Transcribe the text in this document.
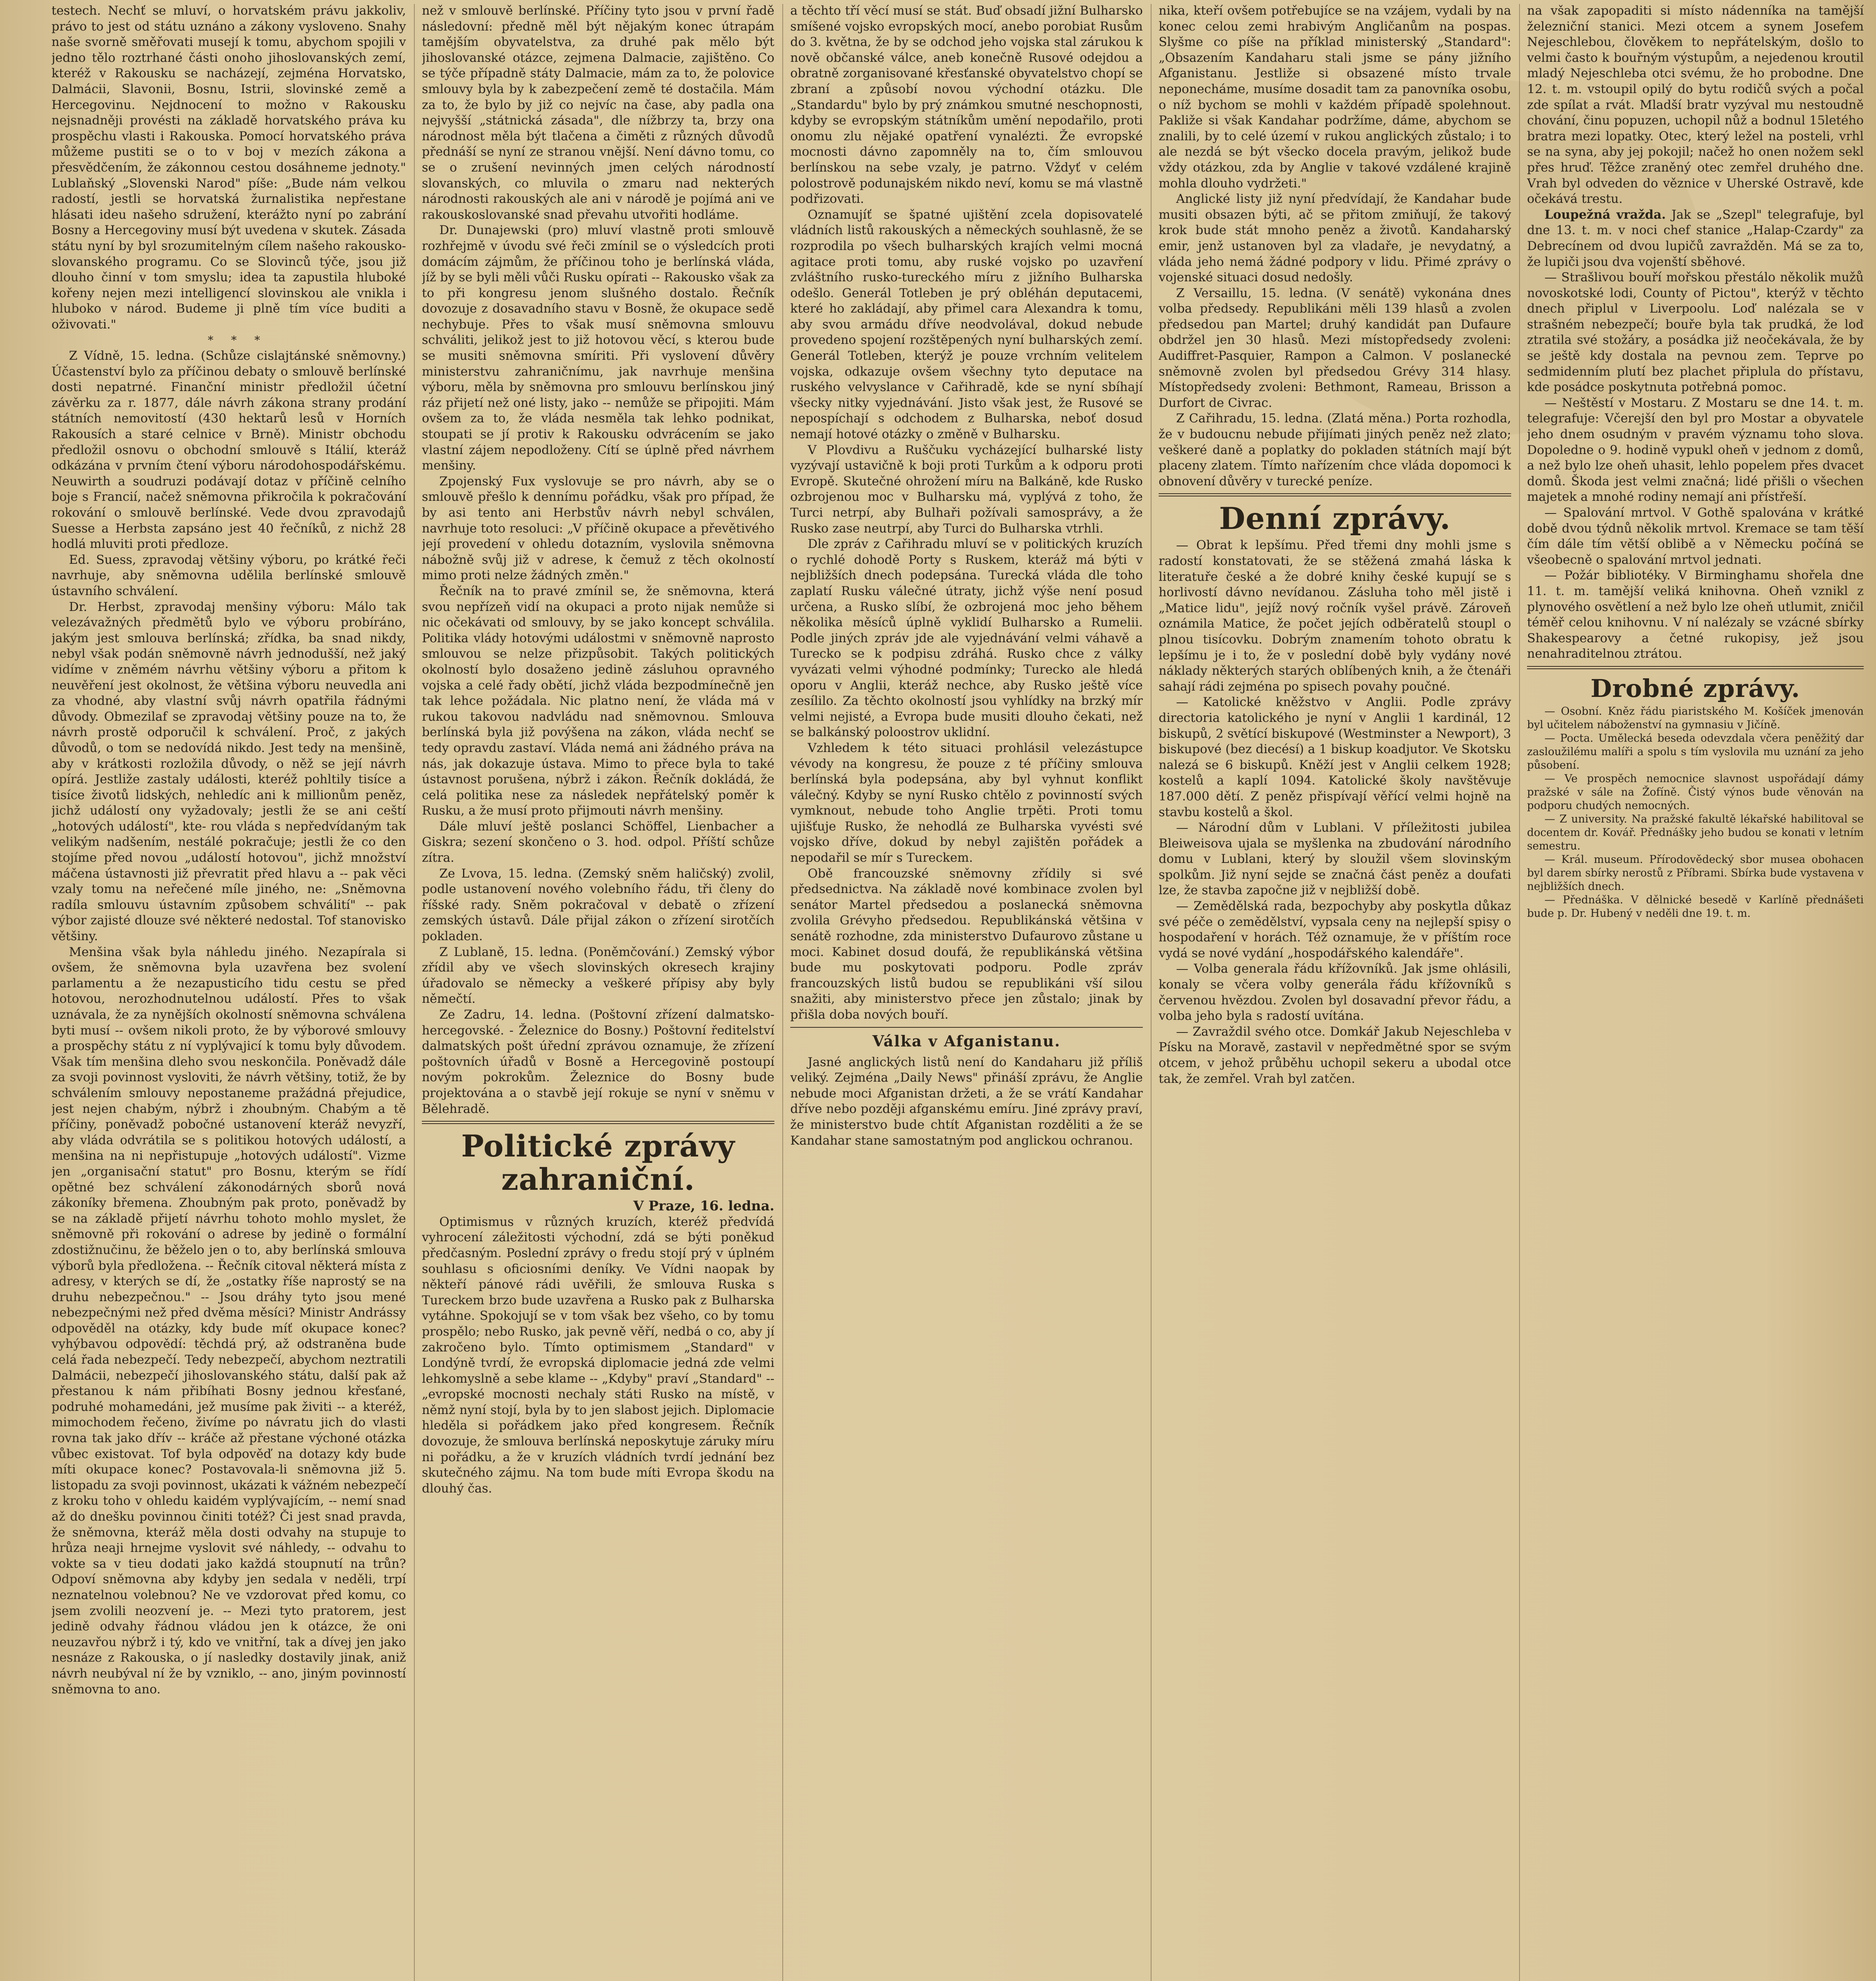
testech. Nechť se mluví, o horvatském právu jakkoliv, právo to jest od státu uznáno a zákony vysloveno. Snahy naše svorně směřovati musejí k tomu, abychom spojili v jedno tělo roztrhané části onoho jihoslovanských zemí, kteréž v Rakousku se nacházejí, zejména Horvatsko, Dalmácii, Slavonii, Bosnu, Istrii, slovinské země a Hercegovinu. Nejdnocení to možno v Rakousku nejsnadněji provésti na základě horvatského práva ku prospěchu vlasti i Rakouska. Pomocí horvatského práva můžeme pustiti se o to v boj v mezích zákona a přesvědčením, že zákonnou cestou dosáhneme jednoty." Lublaňský „Slovenski Narod" píše: „Bude nám velkou radostí, jestli se horvatská žurnalistika nepřestane hlásati ideu našeho sdružení, kterážto nyní po zabrání Bosny a Hercegoviny musí být uvedena v skutek. Zásada státu nyní by byl srozumitelným cílem našeho rakousko-slovanského programu. Co se Slovinců týče, jsou již dlouho činní v tom smyslu; idea ta zapustila hluboké kořeny nejen mezi intelligencí slovinskou ale vnikla i hluboko v národ. Budeme ji plně tím více buditi a oživovati."

* * *

Z Vídně, 15. ledna. (Schůze cislajtánské sněmovny.) Účastenství bylo za příčinou debaty o smlouvě berlínské dosti nepatrné. Finanční ministr předložil účetní závěrku za r. 1877, dále návrh zákona strany prodání státních nemovitostí (430 hektarů lesů v Horních Rakousích a staré celnice v Brně). Ministr obchodu předložil osnovu o obchodní smlouvě s Itálií, kteráž odkázána v prvním čtení výboru národohospodářskému. Neuwirth a soudruzi podávají dotaz v příčině celního boje s Francií, načež sněmovna přikročila k pokračování rokování o smlouvě berlínské. Vede dvou zpravodajů Suesse a Herbsta zapsáno jest 40 řečníků, z nichž 28 hodlá mluviti proti předloze.

Ed. Suess, zpravodaj většiny výboru, po krátké řeči navrhuje, aby sněmovna udělila berlínské smlouvě ústavního schválení.

Dr. Herbst, zpravodaj menšiny výboru: Málo tak velezávažných předmětů bylo ve výboru probíráno, jakým jest smlouva berlínská; zřídka, ba snad nikdy, nebyl však podán sněmovně návrh jednodušší, než jaký vidíme v zněmém návrhu většiny výboru a přitom k neuvěření jest okolnost, že většina výboru neuvedla ani za vhodné, aby vlastní svůj návrh opatřila řádnými důvody. Obmezilaf se zpravodaj většiny pouze na to, že návrh prostě odporučil k schválení. Proč, z jakých důvodů, o tom se nedovídá nikdo. Jest tedy na menšině, aby v krátkosti rozložila důvody, o něž se její návrh opírá. Jestliže zastaly události, kteréž pohltily tisíce a tisíce životů lidských, nehledíc ani k millionům peněz, jichž událostí ony vyžadovaly; jestli že se ani ceští „hotových událostí", kte- rou vláda s nepředvídaným tak velikým nadšením, nestálé pokračuje; jestli že co den stojíme před novou „událostí hotovou", jichž množství máčena ústavnosti již převratit před hlavu a -- pak věci vzaly tomu na neřečené míle jiného, ne: „Sněmovna radíla smlouvu ústavním způsobem schválití" -- pak výbor zajisté dlouze své některé nedostal. Tof stanovisko většiny.

Menšina však byla náhledu jiného. Nezapírala si ovšem, že sněmovna byla uzavřena bez svolení parlamentu a že nezapusticího tidu cestu se před hotovou, nerozhodnutelnou událostí. Přes to však uznávala, že za nynějších okolností sněmovna schválena byti musí -- ovšem nikoli proto, že by výborové smlouvy a prospěchy státu z ní vyplývajicí k tomu byly důvodem. Však tím menšina dleho svou neskončila. Poněvadž dále za svoji povinnost vysloviti, že návrh většiny, totiž, že by schválením smlouvy nepostaneme pražádná přejudice, jest nejen chabým, nýbrž i zhoubným. Chabým a tě příčiny, poněvadž pobočné ustanovení kteráž nevyzří, aby vláda odvrátila se s politikou hotových událostí, a menšina na ni nepřistupuje „hotových událostí". Vizme jen „organisační statut" pro Bosnu, kterým se řídí opětné bez schválení zákonodárných sborů nová zákoníky břemena. Zhoubným pak proto, poněvadž by se na základě přijetí návrhu tohoto mohlo myslet, že sněmovně při rokování o adrese by jedině o formální zdostižnučinu, že běželo jen o to, aby berlínská smlouva výborů byla předložena. -- Řečník citoval některá místa z adresy, v kterých se dí, že „ostatky říše naprostý se na druhu nebezpečnou." -- Jsou dráhy tyto jsou mené nebezpečnými než před dvěma měsíci? Ministr Andrássy odpověděl na otázky, kdy bude míť okupace konec? vyhýbavou odpovědí: těchdá prý, až odstraněna bude celá řada nebezpečí. Tedy nebezpečí, abychom neztratili Dalmácii, nebezpečí jihoslovanského státu, další pak až přestanou k nám přibíhati Bosny jednou křesťané, podruhé mohamedáni, jež musíme pak živiti -- a kteréž, mimochodem řečeno, živíme po návratu jich do vlasti rovna tak jako dřív -- kráče až přestane výchoné otázka vůbec existovat. Tof byla odpověď na dotazy kdy bude míti okupace konec? Postavovala-li sněmovna již 5. listopadu za svoji povinnost, ukázati k vážném nebezpečí z kroku toho v ohledu kaidém vyplývajícím, -- nemí snad až do dnešku povinnou činiti totéž? Či jest snad pravda, že sněmovna, kteráž měla dosti odvahy na stupuje to hrůza neaji hrnejme vyslovit své náhledy, -- odvahu to vokte sa v tieu dodati jako každá stoupnutí na trůn? Odpoví sněmovna aby kdyby jen sedala v neděli, trpí neznatelnou volebnou? Ne ve vzdorovat před komu, co jsem zvolili neozvení je. -- Mezi tyto pratorem, jest jedině odvahy řádnou vládou jen k otázce, že oni neuzavřou nýbrž i tý, kdo ve vnitřní, tak a dívej jen jako nesnáze z Rakouska, o jí nasledky dostavily jinak, aniž návrh neubýval ní že by vzniklo, -- ano, jiným povinností sněmovna to ano.

než v smlouvě berlínské. Příčiny tyto jsou v první řadě následovní: předně měl být nějakým konec útrapám tamějším obyvatelstva, za druhé pak mělo být jihoslovanské otázce, zejmena Dalmacie, zajištěno. Co se týče případně státy Dalmacie, mám za to, že polovice smlouvy byla by k zabezpečení země té dostačila. Mám za to, že bylo by již co nejvíc na čase, aby padla ona nejvyšší „státnická zásada", dle nížbrzy ta, brzy ona národnost měla být tlačena a čiměti z různých důvodů přednáší se nyní ze stranou vnější. Není dávno tomu, co se o zrušení nevinných jmen celých národností slovanských, co mluvila o zmaru nad nekterých národnosti rakouských ale ani v národě je pojímá ani ve rakouskoslovanské snad převahu utvořiti hodláme.

Dr. Dunajewski (pro) mluví vlastně proti smlouvě rozhřejmě v úvodu své řeči zmínil se o výsledcích proti domácím zájmům, že příčinou toho je berlínská vláda, jíž by se byli měli vůči Rusku opírati -- Rakousko však za to při kongresu jenom slušného dostalo. Řečník dovozuje z dosavadního stavu v Bosně, že okupace sedě nechybuje. Přes to však musí sněmovna smlouvu schváliti, jelikož jest to již hotovou věcí, s kterou bude se musiti sněmovna smíriti. Při vyslovení důvěry ministerstvu zahraničnímu, jak navrhuje menšina výboru, měla by sněmovna pro smlouvu berlínskou jiný ráz přijetí než oné listy, jako -- nemůže se připojiti. Mám ovšem za to, že vláda nesměla tak lehko podnikat, stoupati se jí protiv k Rakousku odvrácením se jako vlastní zájem nepodloženy. Cítí se úplně před návrhem menšiny.

Zpojenský Fux vyslovuje se pro návrh, aby se o smlouvě přešlo k dennímu pořádku, však pro případ, že by asi tento ani Herbstův návrh nebyl schválen, navrhuje toto resoluci: „V příčině okupace a převětivého její provedení v ohledu dotazním, vyslovila sněmovna nábožně svůj již v adrese, k čemuž z těch okolností mimo proti nelze žádných změn."

Řečník na to pravé zmínil se, že sněmovna, která svou nepřízeň vidí na okupaci a proto nijak nemůže si nic očekávati od smlouvy, by se jako koncept schválila. Politika vlády hotovými událostmi v sněmovně naprosto smlouvou se nelze přizpůsobit. Takých politických okolností bylo dosaženo jedině zásluhou opravného vojska a celé řady obětí, jichž vláda bezpodmínečně jen tak lehce požádala. Nic platno není, že vláda má v rukou takovou nadvládu nad sněmovnou. Smlouva berlínská byla již povýšena na zákon, vláda nechť se tedy opravdu zastaví. Vláda nemá ani žádného práva na nás, jak dokazuje ústava. Mimo to přece byla to také ústavnost porušena, nýbrž i zákon. Řečník dokládá, že celá politika nese za následek nepřátelský poměr k Rusku, a že musí proto přijmouti návrh menšiny.

Dále mluví ještě poslanci Schöffel, Lienbacher a Giskra; sezení skončeno o 3. hod. odpol. Příští schůze zítra.

Ze Lvova, 15. ledna. (Zemský sněm haličský) zvolil, podle ustanovení nového volebního řádu, tři členy do říšské rady. Sněm pokračoval v debatě o zřízení zemských ústavů. Dále přijal zákon o zřízení sirotčích pokladen.

Z Lublaně, 15. ledna. (Poněmčování.) Zemský výbor zřídil aby ve všech slovinských okresech krajiny úřadovalo se německy a veškeré přípisy aby byly němečtí.

Ze Zadru, 14. ledna. (Poštovní zřízení dalmatsko-hercegovské. - Železnice do Bosny.) Poštovní ředitelství dalmatských pošt úřední zprávou oznamuje, že zřízení poštovních úřadů v Bosně a Hercegovině postoupí novým pokrokům. Železnice do Bosny bude projektována a o stavbě její rokuje se nyní v sněmu v Bělehradě.

Politické zprávy zahraniční.

V Praze, 16. ledna.

Optimismus v různých kruzích, kteréž předvídá vyhrocení záležitosti východní, zdá se býti poněkud předčasným. Poslední zprávy o fredu stojí prý v úplném souhlasu s oficiosními deníky. Ve Vídni naopak by někteří pánové rádi uvěřili, že smlouva Ruska s Tureckem brzo bude uzavřena a Rusko pak z Bulharska vytáhne. Spokojují se v tom však bez všeho, co by tomu prospělo; nebo Rusko, jak pevně věří, nedbá o co, aby jí zakročeno bylo. Tímto optimismem „Standard" v Londýně tvrdí, že evropská diplomacie jedná zde velmi lehkomyslně a sebe klame -- „Kdyby" praví „Standard" -- „evropské mocnosti nechaly státi Rusko na místě, v němž nyní stojí, byla by to jen slabost jejich. Diplomacie hleděla si pořádkem jako před kongresem. Řečník dovozuje, že smlouva berlínská neposkytuje záruky míru ni pořádku, a že v kruzích vládních tvrdí jednání bez skutečného zájmu. Na tom bude míti Evropa škodu na dlouhý čas.

a těchto tří věcí musí se stát. Buď obsadí jižní Bulharsko smíšené vojsko evropských mocí, anebo porobiat Rusům do 3. května, že by se odchod jeho vojska stal zárukou k nově občanské válce, aneb konečně Rusové odejdou a obratně zorganisované křesťanské obyvatelstvo chopí se zbraní a způsobí novou východní otázku. Dle „Standardu" bylo by prý známkou smutné neschopnosti, kdyby se evropským státníkům umění nepodařilo, proti onomu zlu nějaké opatření vynalézti. Že evropské mocnosti dávno zapomněly na to, čím smlouvou berlínskou na sebe vzaly, je patrno. Vždyť v celém polostrově podunajském nikdo neví, komu se má vlastně podřizovati.

Oznamujíť se špatné ujištění zcela dopisovatelé vládních listů rakouských a německých souhlasně, že se rozprodila po všech bulharských krajích velmi mocná agitace proti tomu, aby ruské vojsko po uzavření zvláštního rusko-tureckého míru z jižního Bulharska odešlo. Generál Totleben je prý obléhán deputacemi, které ho zakládají, aby přimel cara Alexandra k tomu, aby svou armádu dříve neodvolával, dokud nebude provedeno spojení rozštěpených nyní bulharských zemí. Generál Totleben, kterýž je pouze vrchním velitelem vojska, odkazuje ovšem všechny tyto deputace na ruského velvyslance v Cařihradě, kde se nyní sbíhají všecky nitky vyjednávání. Jisto však jest, že Rusové se nepospíchají s odchodem z Bulharska, neboť dosud nemají hotové otázky o změně v Bulharsku.

V Plovdivu a Ruščuku vycházející bulharské listy vyzývají ustavičně k boji proti Turkům a k odporu proti Evropě. Skutečné ohrožení míru na Balkáně, kde Rusko ozbrojenou moc v Bulharsku má, vyplývá z toho, že Turci netrpí, aby Bulhaři požívali samosprávy, a že Rusko zase neutrpí, aby Turci do Bulharska vtrhli.

Dle zpráv z Cařihradu mluví se v politických kruzích o rychlé dohodě Porty s Ruskem, kteráž má býti v nejbližších dnech podepsána. Turecká vláda dle toho zaplatí Rusku válečné útraty, jichž výše není posud určena, a Rusko slíbí, že ozbrojená moc jeho během několika měsíců úplně vyklidí Bulharsko a Rumelii. Podle jiných zpráv jde ale vyjednávání velmi váhavě a Turecko se k podpisu zdráhá. Rusko chce z války vyvázati velmi výhodné podmínky; Turecko ale hledá oporu v Anglii, kteráž nechce, aby Rusko ještě více zesílilo. Za těchto okolností jsou vyhlídky na brzký mír velmi nejisté, a Evropa bude musiti dlouho čekati, než se balkánský poloostrov uklidní.

Vzhledem k této situaci prohlásil velezástupce vévody na kongresu, že pouze z té příčiny smlouva berlínská byla podepsána, aby byl vyhnut konflikt válečný. Kdyby se nyní Rusko chtělo z povinností svých vymknout, nebude toho Anglie trpěti. Proti tomu ujišťuje Rusko, že nehodlá ze Bulharska vyvésti své vojsko dříve, dokud by nebyl zajištěn pořádek a nepodařil se mír s Tureckem.

Obě francouzské sněmovny zřídily si své předsednictva. Na základě nové kombinace zvolen byl senátor Martel předsedou a poslanecká sněmovna zvolila Grévyho předsedou. Republikánská většina v senátě rozhodne, zda ministerstvo Dufaurovo zůstane u moci. Kabinet dosud doufá, že republikánská většina bude mu poskytovati podporu. Podle zpráv francouzských listů budou se republikáni vší silou snažiti, aby ministerstvo přece jen zůstalo; jinak by přišla doba nových bouří.

Válka v Afganistanu.

Jasné anglických listů není do Kandaharu již příliš veliký. Zejména „Daily News" přináší zprávu, že Anglie nebude moci Afganistan držeti, a že se vrátí Kandahar dříve nebo později afganskému emíru. Jiné zprávy praví, že ministerstvo bude chtít Afganistan rozděliti a že se Kandahar stane samostatným pod anglickou ochranou.

nika, kteří ovšem potřebujíce se na vzájem, vydali by na konec celou zemi hrabivým Angličanům na pospas. Slyšme co píše na příklad ministerský „Standard": „Obsazením Kandaharu stali jsme se pány jižního Afganistanu. Jestliže si obsazené místo trvale neponecháme, musíme dosadit tam za panovníka osobu, o níž bychom se mohli v každém případě spolehnout. Pakliže si však Kandahar podržíme, dáme, abychom se znalili, by to celé území v rukou anglických zůstalo; i to ale nezdá se být všecko docela pravým, jelikož bude vždy otázkou, zda by Anglie v takové vzdálené krajině mohla dlouho vydržeti."

Anglické listy již nyní předvídají, že Kandahar bude musiti obsazen býti, ač se přitom zmiňují, že takový krok bude stát mnoho peněz a životů. Kandaharský emir, jenž ustanoven byl za vladaře, je nevydatný, a vláda jeho nemá žádné podpory v lidu. Přimé zprávy o vojenské situaci dosud nedošly.

Z Versaillu, 15. ledna. (V senátě) vykonána dnes volba předsedy. Republikáni měli 139 hlasů a zvolen předsedou pan Martel; druhý kandidát pan Dufaure obdržel jen 30 hlasů. Mezi místopředsedy zvoleni: Audiffret-Pasquier, Rampon a Calmon. V poslanecké sněmovně zvolen byl předsedou Grévy 314 hlasy. Místopředsedy zvoleni: Bethmont, Rameau, Brisson a Durfort de Civrac.

Z Cařihradu, 15. ledna. (Zlatá měna.) Porta rozhodla, že v budoucnu nebude přijímati jiných peněz než zlato; veškeré daně a poplatky do pokladen státních mají být placeny zlatem. Tímto nařízením chce vláda dopomoci k obnovení důvěry v turecké peníze.

Denní zprávy.

— Obrat k lepšímu. Před třemi dny mohli jsme s radostí konstatovati, že se stěžená zmahá láska k literatuře české a že dobré knihy české kupují se s horlivostí dávno nevídanou. Zásluha toho měl jistě i „Matice lidu", jejíž nový ročník vyšel právě. Zároveň oznámila Matice, že počet jejích odběratelů stoupl o plnou tisícovku. Dobrým znamením tohoto obratu k lepšímu je i to, že v poslední době byly vydány nové náklady některých starých oblíbených knih, a že čtenáři sahají rádi zejména po spisech povahy poučné.

— Katolické kněžstvo v Anglii. Podle zprávy directoria katolického je nyní v Anglii 1 kardinál, 12 biskupů, 2 světící biskupové (Westminster a Newport), 3 biskupové (bez diecésí) a 1 biskup koadjutor. Ve Skotsku nalezá se 6 biskupů. Kněží jest v Anglii celkem 1928; kostelů a kaplí 1094. Katolické školy navštěvuje 187.000 dětí. Z peněz přispívají věřící velmi hojně na stavbu kostelů a škol.

— Národní dům v Lublani. V příležitosti jubilea Bleiweisova ujala se myšlenka na zbudování národního domu v Lublani, který by sloužil všem slovinským spolkům. Již nyní sejde se značná část peněz a doufati lze, že stavba započne již v nejbližší době.

— Zemědělská rada, bezpochyby aby poskytla důkaz své péče o zemědělství, vypsala ceny na nejlepší spisy o hospodaření v horách. Též oznamuje, že v příštím roce vydá se nové vydání „hospodářského kalendáře".

— Volba generala řádu křížovníků. Jak jsme ohlásili, konaly se včera volby generála řádu křížovníků s červenou hvězdou. Zvolen byl dosavadní převor řádu, a volba jeho byla s radostí uvítána.

— Zavraždil svého otce. Domkář Jakub Nejeschleba v Písku na Moravě, zastavil v nepředmětné spor se svým otcem, v jehož průběhu uchopil sekeru a ubodal otce tak, že zemřel. Vrah byl zatčen.

na však zapopaditi si místo nádenníka na tamější železniční stanici. Mezi otcem a synem Josefem Nejeschlebou, člověkem to nepřátelským, došlo to velmi často k bouřným výstupům, a nejedenou kroutil mladý Nejeschleba otci svému, že ho probodne. Dne 12. t. m. vstoupil opilý do bytu rodičů svých a počal zde spílat a rvát. Mladší bratr vyzýval mu nestoudně chování, činu popuzen, uchopil nůž a bodnul 15letého bratra mezi lopatky. Otec, který ležel na posteli, vrhl se na syna, aby jej pokojil; načež ho onen nožem sekl přes hruď. Těžce zraněný otec zemřel druhého dne. Vrah byl odveden do věznice v Uherské Ostravě, kde očekává trestu.

Loupežná vražda. Jak se „Szepl" telegrafuje, byl dne 13. t. m. v noci chef stanice „Halap-Czardy" za Debrecínem od dvou lupičů zavražděn. Má se za to, že lupiči jsou dva vojenští sběhové.

— Strašlivou bouří mořskou přestálo několik mužů novoskotské lodi, County of Pictou", kterýž v těchto dnech připlul v Liverpoolu. Loď nalézala se v strašném nebezpečí; bouře byla tak prudká, že loď ztratila své stožáry, a posádka již neočekávala, že by se ještě kdy dostala na pevnou zem. Teprve po sedmidenním plutí bez plachet připlula do přístavu, kde posádce poskytnuta potřebná pomoc.

— Neštěstí v Mostaru. Z Mostaru se dne 14. t. m. telegrafuje: Včerejší den byl pro Mostar a obyvatele jeho dnem osudným v pravém významu toho slova. Dopoledne o 9. hodině vypukl oheň v jednom z domů, a než bylo lze oheň uhasit, lehlo popelem přes dvacet domů. Škoda jest velmi značná; lidé přišli o všechen majetek a mnohé rodiny nemají ani přístřeší.

— Spalování mrtvol. V Gothě spalována v krátké době dvou týdnů několik mrtvol. Kremace se tam těší čím dále tím větší oblibě a v Německu počíná se všeobecně o spalování mrtvol jednati.

— Požár bibliotéky. V Birminghamu shořela dne 11. t. m. tamější veliká knihovna. Oheň vznikl z plynového osvětlení a než bylo lze oheň utlumit, zničil téměř celou knihovnu. V ní nalézaly se vzácné sbírky Shakespearovy a četné rukopisy, jež jsou nenahraditelnou ztrátou.

Drobné zprávy.

— Osobní. Kněz řádu piaristského M. Košíček jmenován byl učitelem náboženství na gymnasiu v Jičíně.

— Pocta. Umělecká beseda odevzdala včera peněžitý dar zasloužilému malíři a spolu s tím vyslovila mu uznání za jeho působení.

— Ve prospěch nemocnice slavnost uspořádají dámy pražské v sále na Žofíně. Čistý výnos bude věnován na podporu chudých nemocných.

— Z university. Na pražské fakultě lékařské habilitoval se docentem dr. Kovář. Přednášky jeho budou se konati v letním semestru.

— Král. museum. Přírodovědecký sbor musea obohacen byl darem sbírky nerostů z Příbrami. Sbírka bude vystavena v nejbližších dnech.

— Přednáška. V dělnické besedě v Karlíně přednášeti bude p. Dr. Hubený v neděli dne 19. t. m.
